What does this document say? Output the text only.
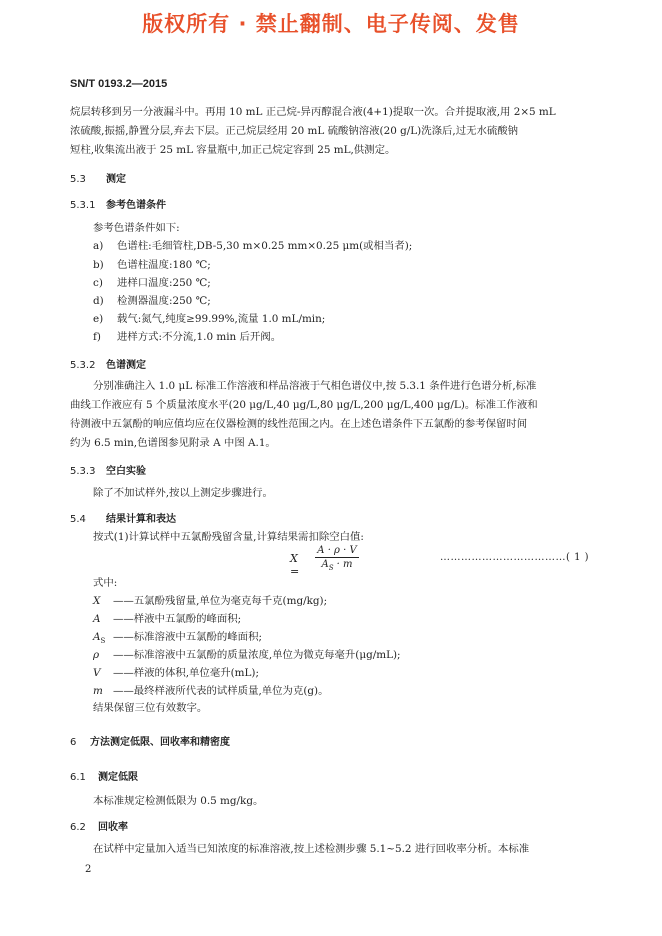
版权所有 · 禁止翻制、电子传阅、发售
SN/T 0193.2—2015
烷层转移到另一分液漏斗中。再用 10 mL 正己烷-异丙醇混合液(4+1)提取一次。合并提取液,用 2×5 mL
浓硫酸,振摇,静置分层,弃去下层。正己烷层经用 20 mL 硫酸钠溶液(20 g/L)洗涤后,过无水硫酸钠
短柱,收集流出液于 25 mL 容量瓶中,加正己烷定容到 25 mL,供测定。
5.3 测定
5.3.1 参考色谱条件
参考色谱条件如下:
a) 色谱柱:毛细管柱,DB-5,30 m×0.25 mm×0.25 μm(或相当者);
b) 色谱柱温度:180 ℃;
c) 进样口温度:250 ℃;
d) 检测器温度:250 ℃;
e) 载气:氮气,纯度≥99.99%,流量 1.0 mL/min;
f) 进样方式:不分流,1.0 min 后开阀。
5.3.2 色谱测定
分别准确注入 1.0 μL 标准工作溶液和样品溶液于气相色谱仪中,按 5.3.1 条件进行色谱分析,标准
曲线工作液应有 5 个质量浓度水平(20 μg/L,40 μg/L,80 μg/L,200 μg/L,400 μg/L)。标准工作液和
待测液中五氯酚的响应值均应在仪器检测的线性范围之内。在上述色谱条件下五氯酚的参考保留时间
约为 6.5 min,色谱图参见附录 A 中图 A.1。
5.3.3 空白实验
除了不加试样外,按以上测定步骤进行。
5.4 结果计算和表达
按式(1)计算试样中五氯酚残留含量,计算结果需扣除空白值:
$X = \frac{A \cdot \rho \cdot V}{A_S \cdot m}$	………………………………( 1 )
式中:
X ——五氯酚残留量,单位为毫克每千克(mg/kg);
A ——样液中五氯酚的峰面积;
$A_S$ ——标准溶液中五氯酚的峰面积;
ρ ——标准溶液中五氯酚的质量浓度,单位为微克每毫升(μg/mL);
V ——样液的体积,单位毫升(mL);
m ——最终样液所代表的试样质量,单位为克(g)。
结果保留三位有效数字。
6 方法测定低限、回收率和精密度
6.1 测定低限
本标准规定检测低限为 0.5 mg/kg。
6.2 回收率
在试样中定量加入适当已知浓度的标准溶液,按上述检测步骤 5.1~5.2 进行回收率分析。本标准
2
